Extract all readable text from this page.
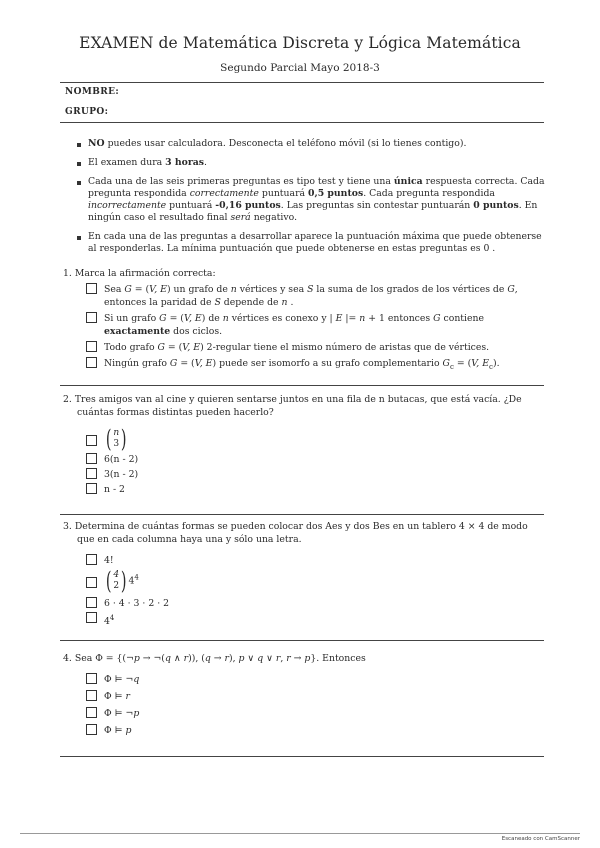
EXAMEN de Matemática Discreta y Lógica Matemática
Segundo Parcial Mayo 2018-3
NOMBRE:
GRUPO:
NO puedes usar calculadora. Desconecta el teléfono móvil (si lo tienes contigo).
El examen dura 3 horas.
Cada una de las seis primeras preguntas es tipo test y tiene una única respuesta correcta. Cada pregunta respondida correctamente puntuará 0,5 puntos. Cada pregunta respondida incorrectamente puntuará -0,16 puntos. Las preguntas sin contestar puntuarán 0 puntos. En ningún caso el resultado final será negativo.
En cada una de las preguntas a desarrollar aparece la puntuación máxima que puede obtenerse al responderlas. La mínima puntuación que puede obtenerse en estas preguntas es 0 .
1. Marca la afirmación correcta:
Sea G = (V, E) un grafo de n vértices y sea S la suma de los grados de los vértices de G, entonces la paridad de S depende de n .
Si un grafo G = (V, E) de n vértices es conexo y | E |= n + 1 entonces G contiene exactamente dos ciclos.
Todo grafo G = (V, E) 2-regular tiene el mismo número de aristas que de vértices.
Ningún grafo G = (V, E) puede ser isomorfo a su grafo complementario $G_c = (V$, $E_c$).
2. Tres amigos van al cine y quieren sentarse juntos en una fila de n butacas, que está vacía. ¿De cuántas formas distintas pueden hacerlo?
( n
3 )
6(n - 2)
3(n - 2)
n - 2
3. Determina de cuántas formas se pueden colocar dos Aes y dos Bes en un tablero 4 × 4 de modo que en cada columna haya una y sólo una letra.
4!
( 4
2 ) $4^4$
6 · 4 · 3 · 2 · 2
$4^4$
4. Sea Φ = {(¬p → ¬(q ∧ r)), (q → r), p ∨ q ∨ r, r → p}. Entonces
Φ ⊨ ¬q
Φ ⊨ r
Φ ⊨ ¬p
Φ ⊨ p
Escaneado con CamScanner
